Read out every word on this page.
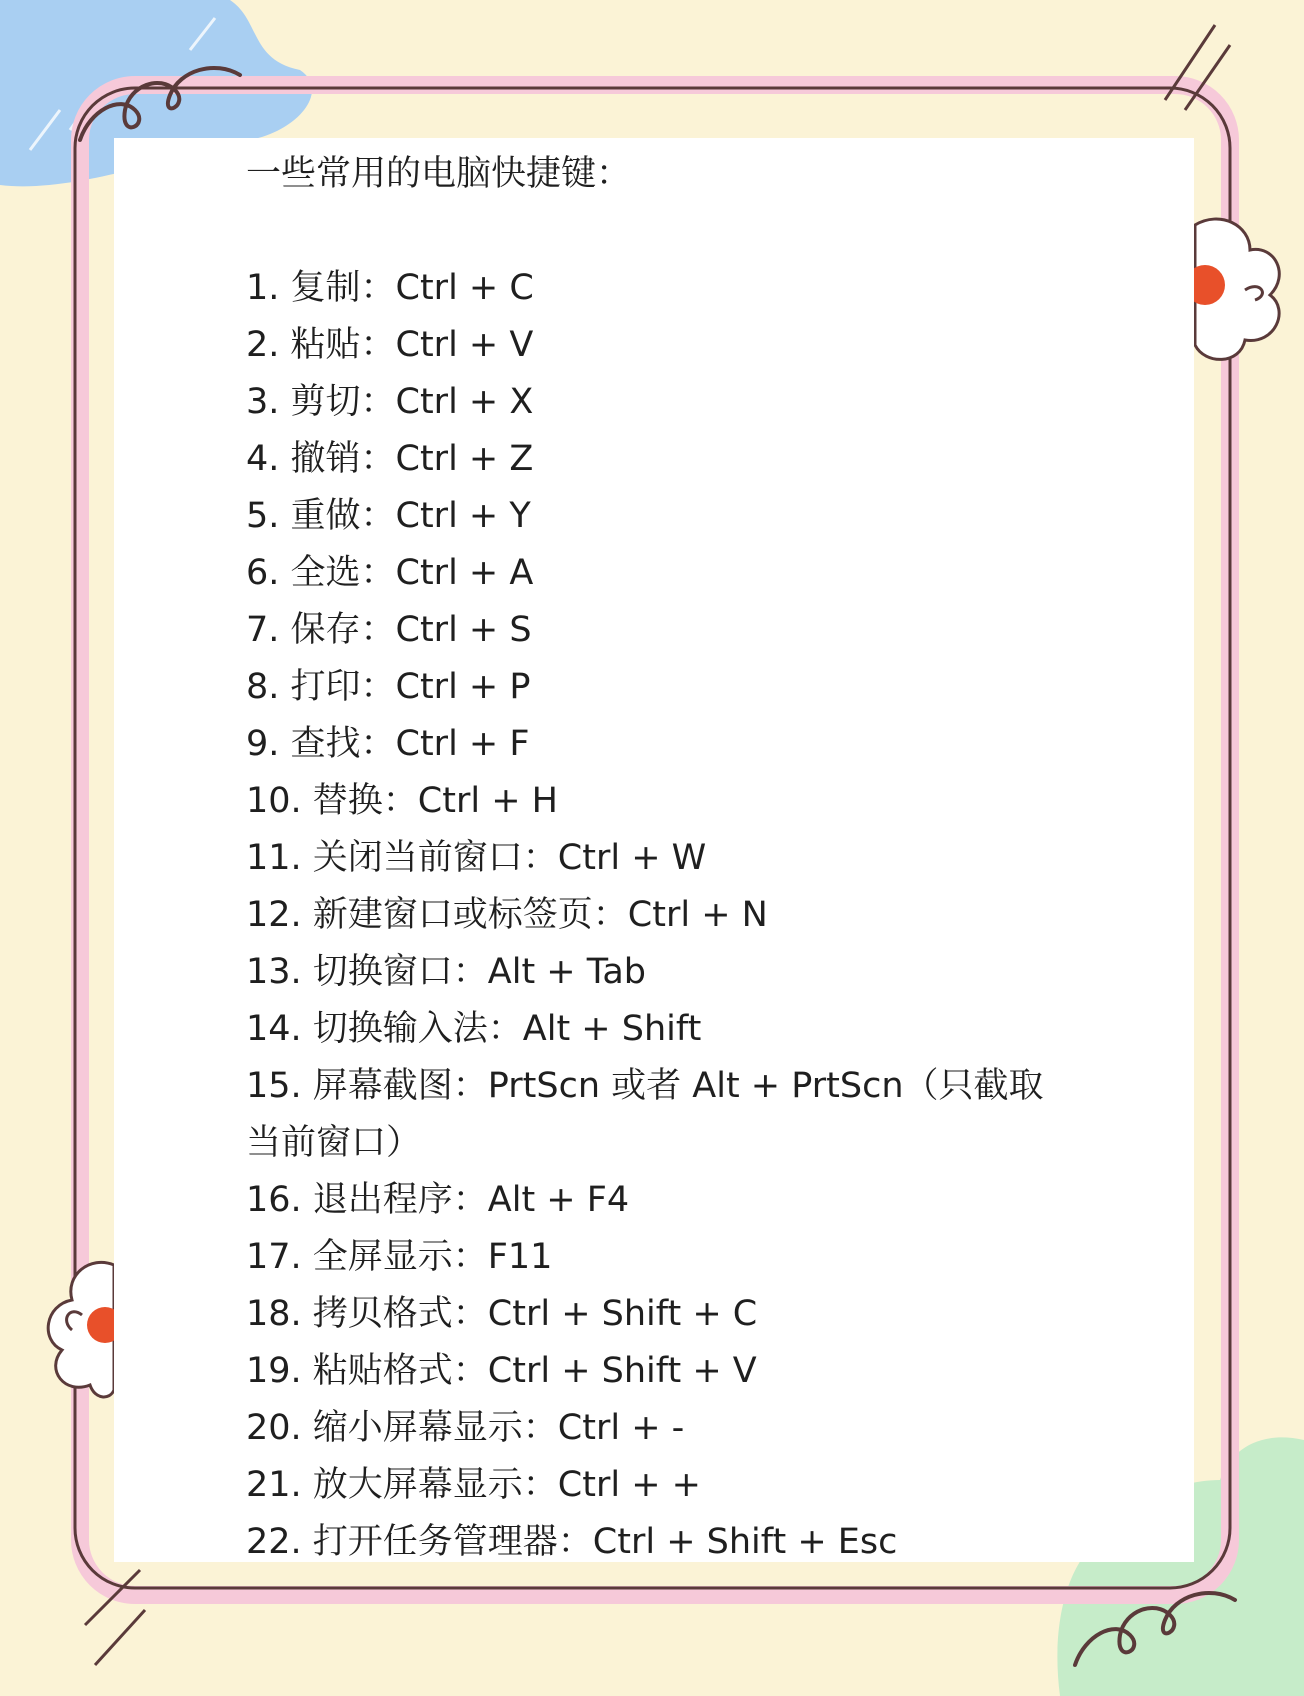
一些常用的电脑快捷键：
1. 复制：Ctrl + C
2. 粘贴：Ctrl + V
3. 剪切：Ctrl + X
4. 撤销：Ctrl + Z
5. 重做：Ctrl + Y
6. 全选：Ctrl + A
7. 保存：Ctrl + S
8. 打印：Ctrl + P
9. 查找：Ctrl + F
10. 替换：Ctrl + H
11. 关闭当前窗口：Ctrl + W
12. 新建窗口或标签页：Ctrl + N
13. 切换窗口：Alt + Tab
14. 切换输入法：Alt + Shift
15. 屏幕截图：PrtScn 或者 Alt + PrtScn（只截取
当前窗口）
16. 退出程序：Alt + F4
17. 全屏显示：F11
18. 拷贝格式：Ctrl + Shift + C
19. 粘贴格式：Ctrl + Shift + V
20. 缩小屏幕显示：Ctrl + -
21. 放大屏幕显示：Ctrl + +
22. 打开任务管理器：Ctrl + Shift + Esc
